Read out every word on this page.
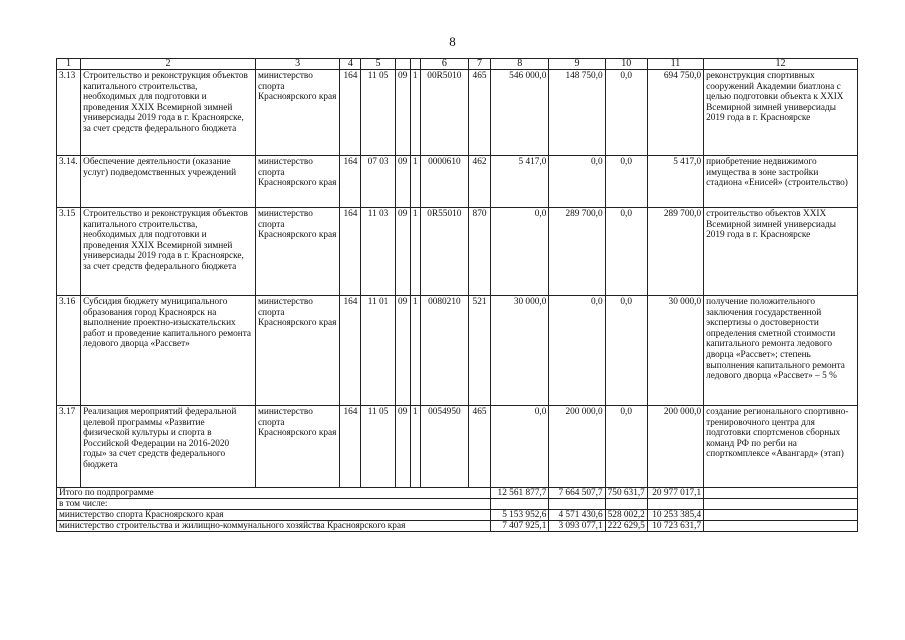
8
1	2	3	4	5			6	7	8	9	10	11	12
3.13	Строительство и реконструкция объектов капитального строительства, необходимых для подготовки и проведения XXIX Всемирной зимней универсиады 2019 года в г. Красноярске, за счет средств федерального бюджета	министерство спорта Красноярского края	164	11 05	09	1	00R5010	465	546 000,0	148 750,0	0,0	694 750,0	реконструкция спортивных сооружений Академии биатлона с целью подготовки объекта к XXIX Всемирной зимней универсиады 2019 года в г. Красноярске
3.14.	Обеспечение деятельности (оказание услуг) подведомственных учреждений	министерство спорта Красноярского края	164	07 03	09	1	0000610	462	5 417,0	0,0	0,0	5 417,0	приобретение недвижимого имущества в зоне застройки стадиона «Енисей» (строительство)
3.15	Строительство и реконструкция объектов капитального строительства, необходимых для подготовки и проведения XXIX Всемирной зимней универсиады 2019 года в г. Красноярске, за счет средств федерального бюджета	министерство спорта Красноярского края	164	11 03	09	1	0R55010	870	0,0	289 700,0	0,0	289 700,0	строительство объектов XXIX Всемирной зимней универсиады 2019 года в г. Красноярске
3.16	Субсидия бюджету муниципального образования город Красноярск на выполнение проектно-изыскательских работ и проведение капитального ремонта ледового дворца «Рассвет»	министерство спорта Красноярского края	164	11 01	09	1	0080210	521	30 000,0	0,0	0,0	30 000,0	получение положительного заключения государственной экспертизы о достоверности определения сметной стоимости капитального ремонта ледового дворца «Рассвет»; степень выполнения капитального ремонта ледового дворца «Рассвет» – 5 %
3.17	Реализация мероприятий федеральной целевой программы «Развитие физической культуры и спорта в Российской Федерации на 2016-2020 годы» за счет средств федерального бюджета	министерство спорта Красноярского края	164	11 05	09	1	0054950	465	0,0	200 000,0	0,0	200 000,0	создание регионального спортивно-тренировочного центра для подготовки спортсменов сборных команд РФ по регби на спорткомплексе «Авангард» (этап)
Итого по подпрограмме									12 561 877,7	7 664 507,7	750 631,7	20 977 017,1	
в том числе:													
министерство спорта Красноярского края									5 153 952,6	4 571 430,6	528 002,2	10 253 385,4	
министерство строительства и жилищно-коммунального хозяйства Красноярского края									7 407 925,1	3 093 077,1	222 629,5	10 723 631,7	
